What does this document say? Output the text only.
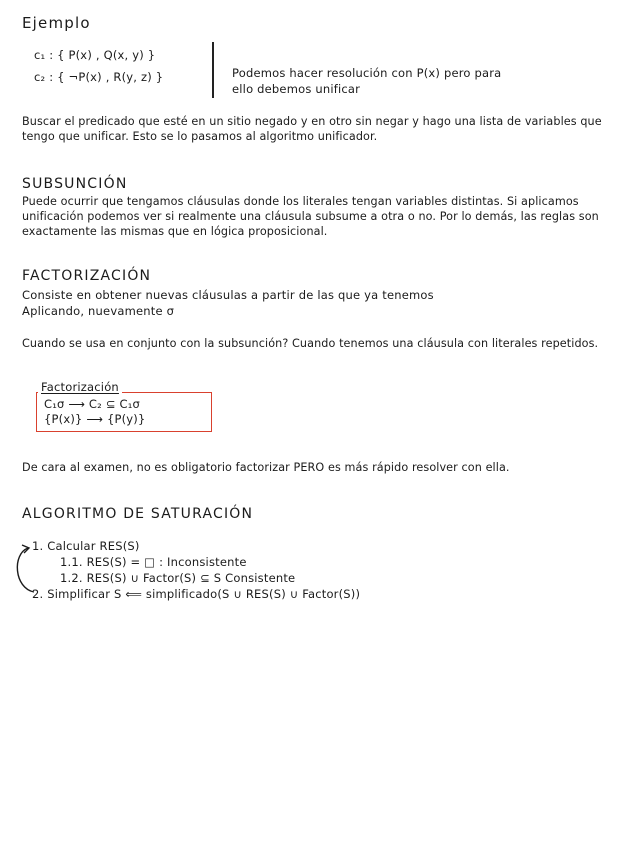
Ejemplo
c₁ : { P(x) , Q(x, y) }
c₂ : { ¬P(x) , R(y, z) }	Podemos hacer resolución con P(x) pero para
ello debemos unificar
Buscar el predicado que esté en un sitio negado y en otro sin negar y hago una lista de variables que tengo que unificar. Esto se lo pasamos al algoritmo unificador.
SUBSUNCIÓN
Puede ocurrir que tengamos cláusulas donde los literales tengan variables distintas. Si aplicamos unificación podemos ver si realmente una cláusula subsume a otra o no. Por lo demás, las reglas son exactamente las mismas que en lógica proposicional.
FACTORIZACIÓN
Consiste en obtener nuevas cláusulas a partir de las que ya tenemos
Aplicando, nuevamente σ
Cuando se usa en conjunto con la subsunción? Cuando tenemos una cláusula con literales repetidos.
Factorización
C₁σ ⟶ C₂ ⊆ C₁σ
{P(x)} ⟶ {P(y)}
De cara al examen, no es obligatorio factorizar PERO es más rápido resolver con ella.
ALGORITMO DE SATURACIÓN
1. Calcular RES(S)
1.1. RES(S) = □ : Inconsistente
1.2. RES(S) ∪ Factor(S) ⊆ S Consistente
2. Simplificar S ⟸ simplificado(S ∪ RES(S) ∪ Factor(S))
